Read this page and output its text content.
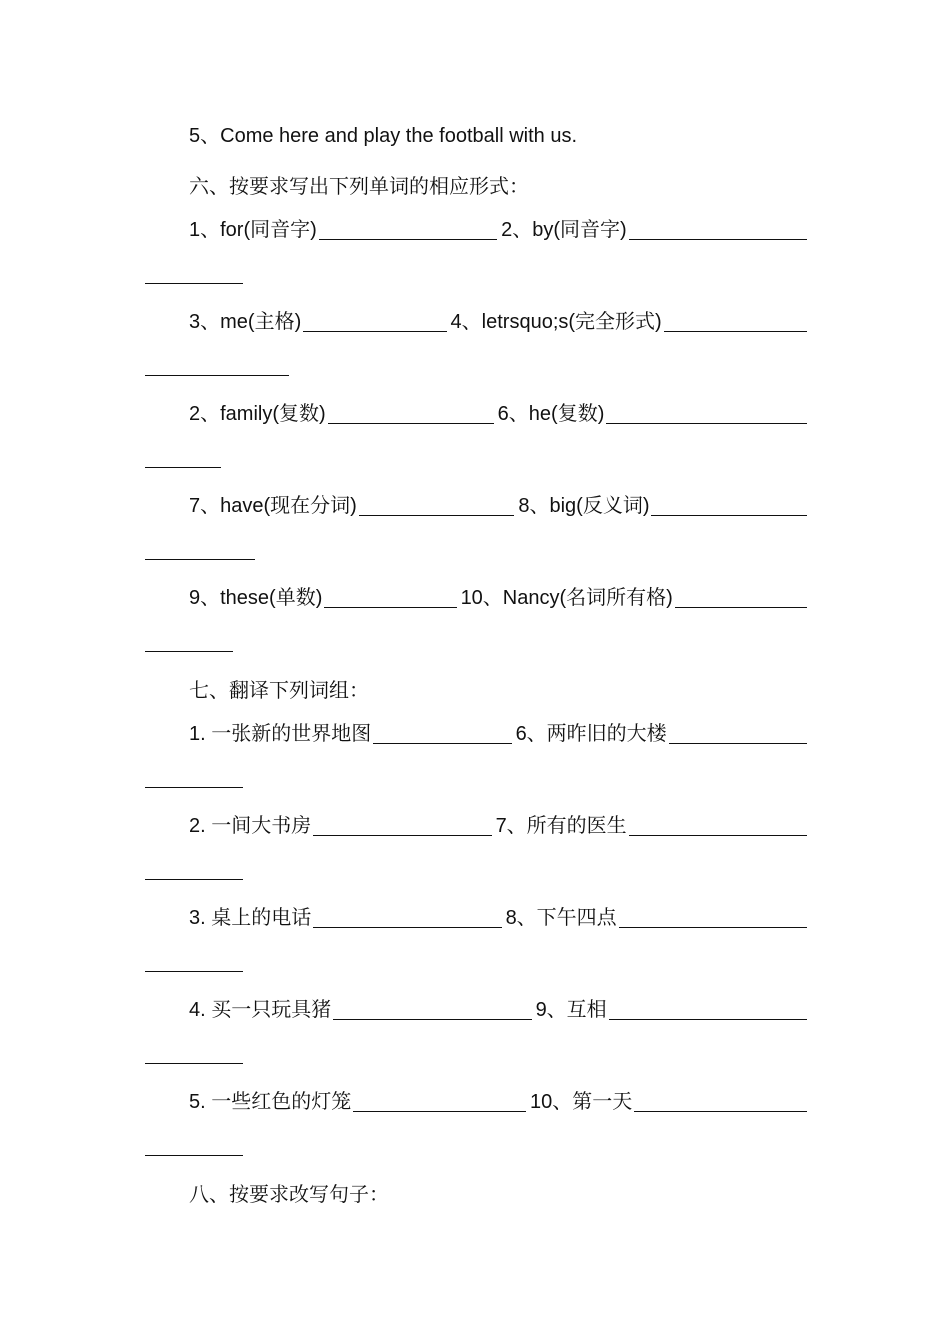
5、Come here and play the football with us.
六、按要求写出下列单词的相应形式：
1、for(同音字)	2、by(同音字)
3、me(主格)	4、letrsquo;s(完全形式)
2、family(复数)	6、he(复数)
7、have(现在分词)	8、big(反义词)
9、these(单数)	10、Nancy(名词所有格)
七、翻译下列词组：
1. 一张新的世界地图	6、两昨旧的大楼
2. 一间大书房	7、所有的医生
3. 桌上的电话	8、下午四点
4. 买一只玩具猪	9、互相
5. 一些红色的灯笼	10、第一天
八、按要求改写句子：
